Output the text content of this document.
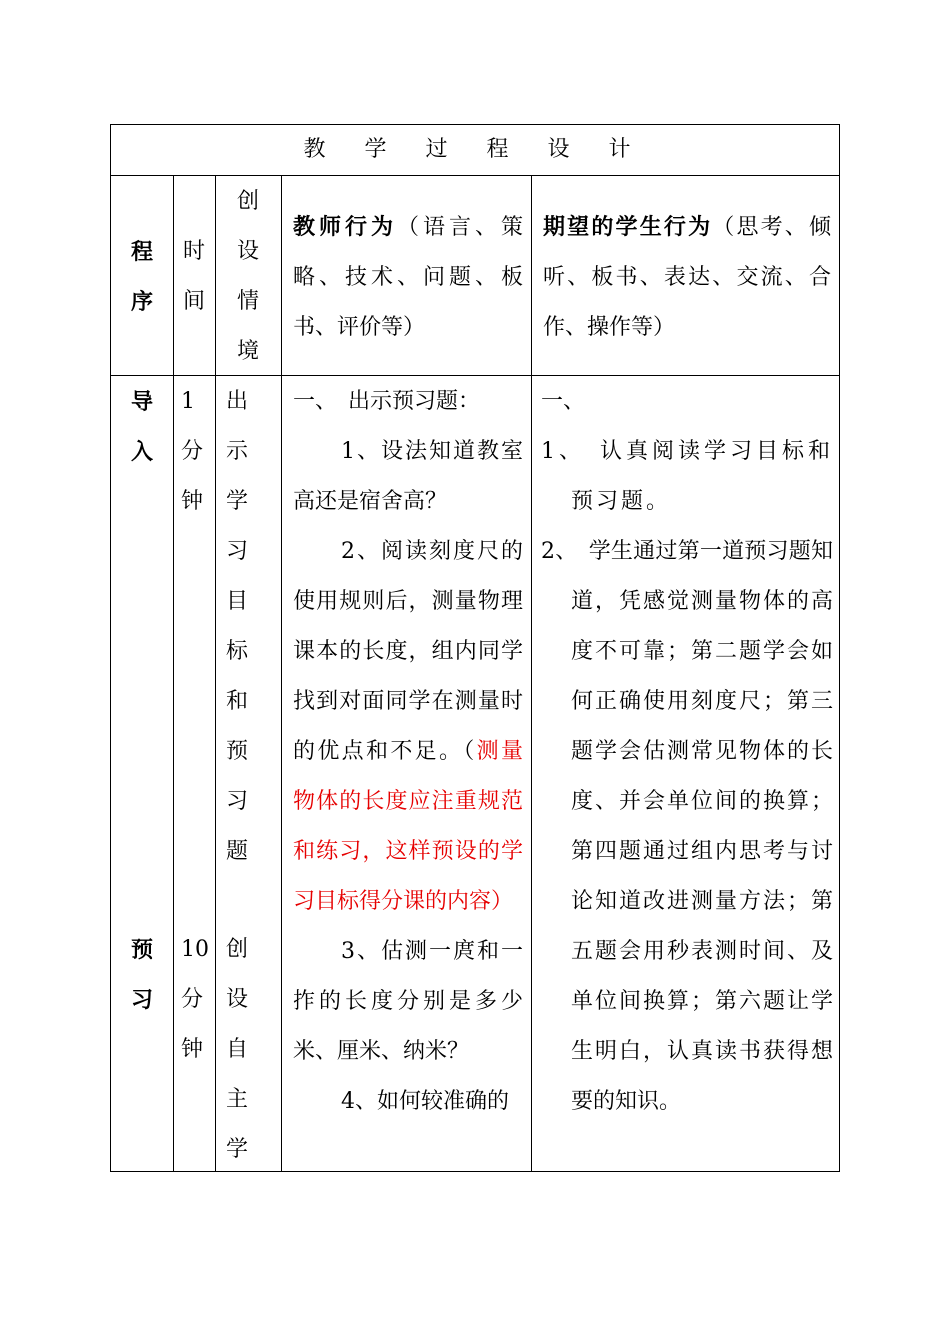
教 学 过 程 设 计
程
序
时
间
创
设
情
境

教师行为（语言、策略、技术、问题、板书、评价等）

期望的学生行为（思考、倾听、板书、表达、交流、合作、操作等）

导
入
预
习
1
分
钟
10
分
钟
出
示
学
习
目
标
和
预
习
题
创
设
自
主
学

一、　出示预习题：

1、设法知道教室高还是宿舍高？

2、阅读刻度尺的使用规则后，测量物理课本的长度，组内同学找到对面同学在测量时的优点和不足。（测量物体的长度应注重规范和练习，这样预设的学习目标得分课的内容）

3、估测一庹和一拃的长度分别是多少米、厘米、纳米？

4、如何较准确的

一、

1、　认真阅读学习目标和预习题。

2、　学生通过第一道预习题知道，凭感觉测量物体的高度不可靠；第二题学会如何正确使用刻度尺；第三题学会估测常见物体的长度、并会单位间的换算；第四题通过组内思考与讨论知道改进测量方法；第五题会用秒表测时间、及单位间换算；第六题让学生明白，认真读书获得想要的知识。
